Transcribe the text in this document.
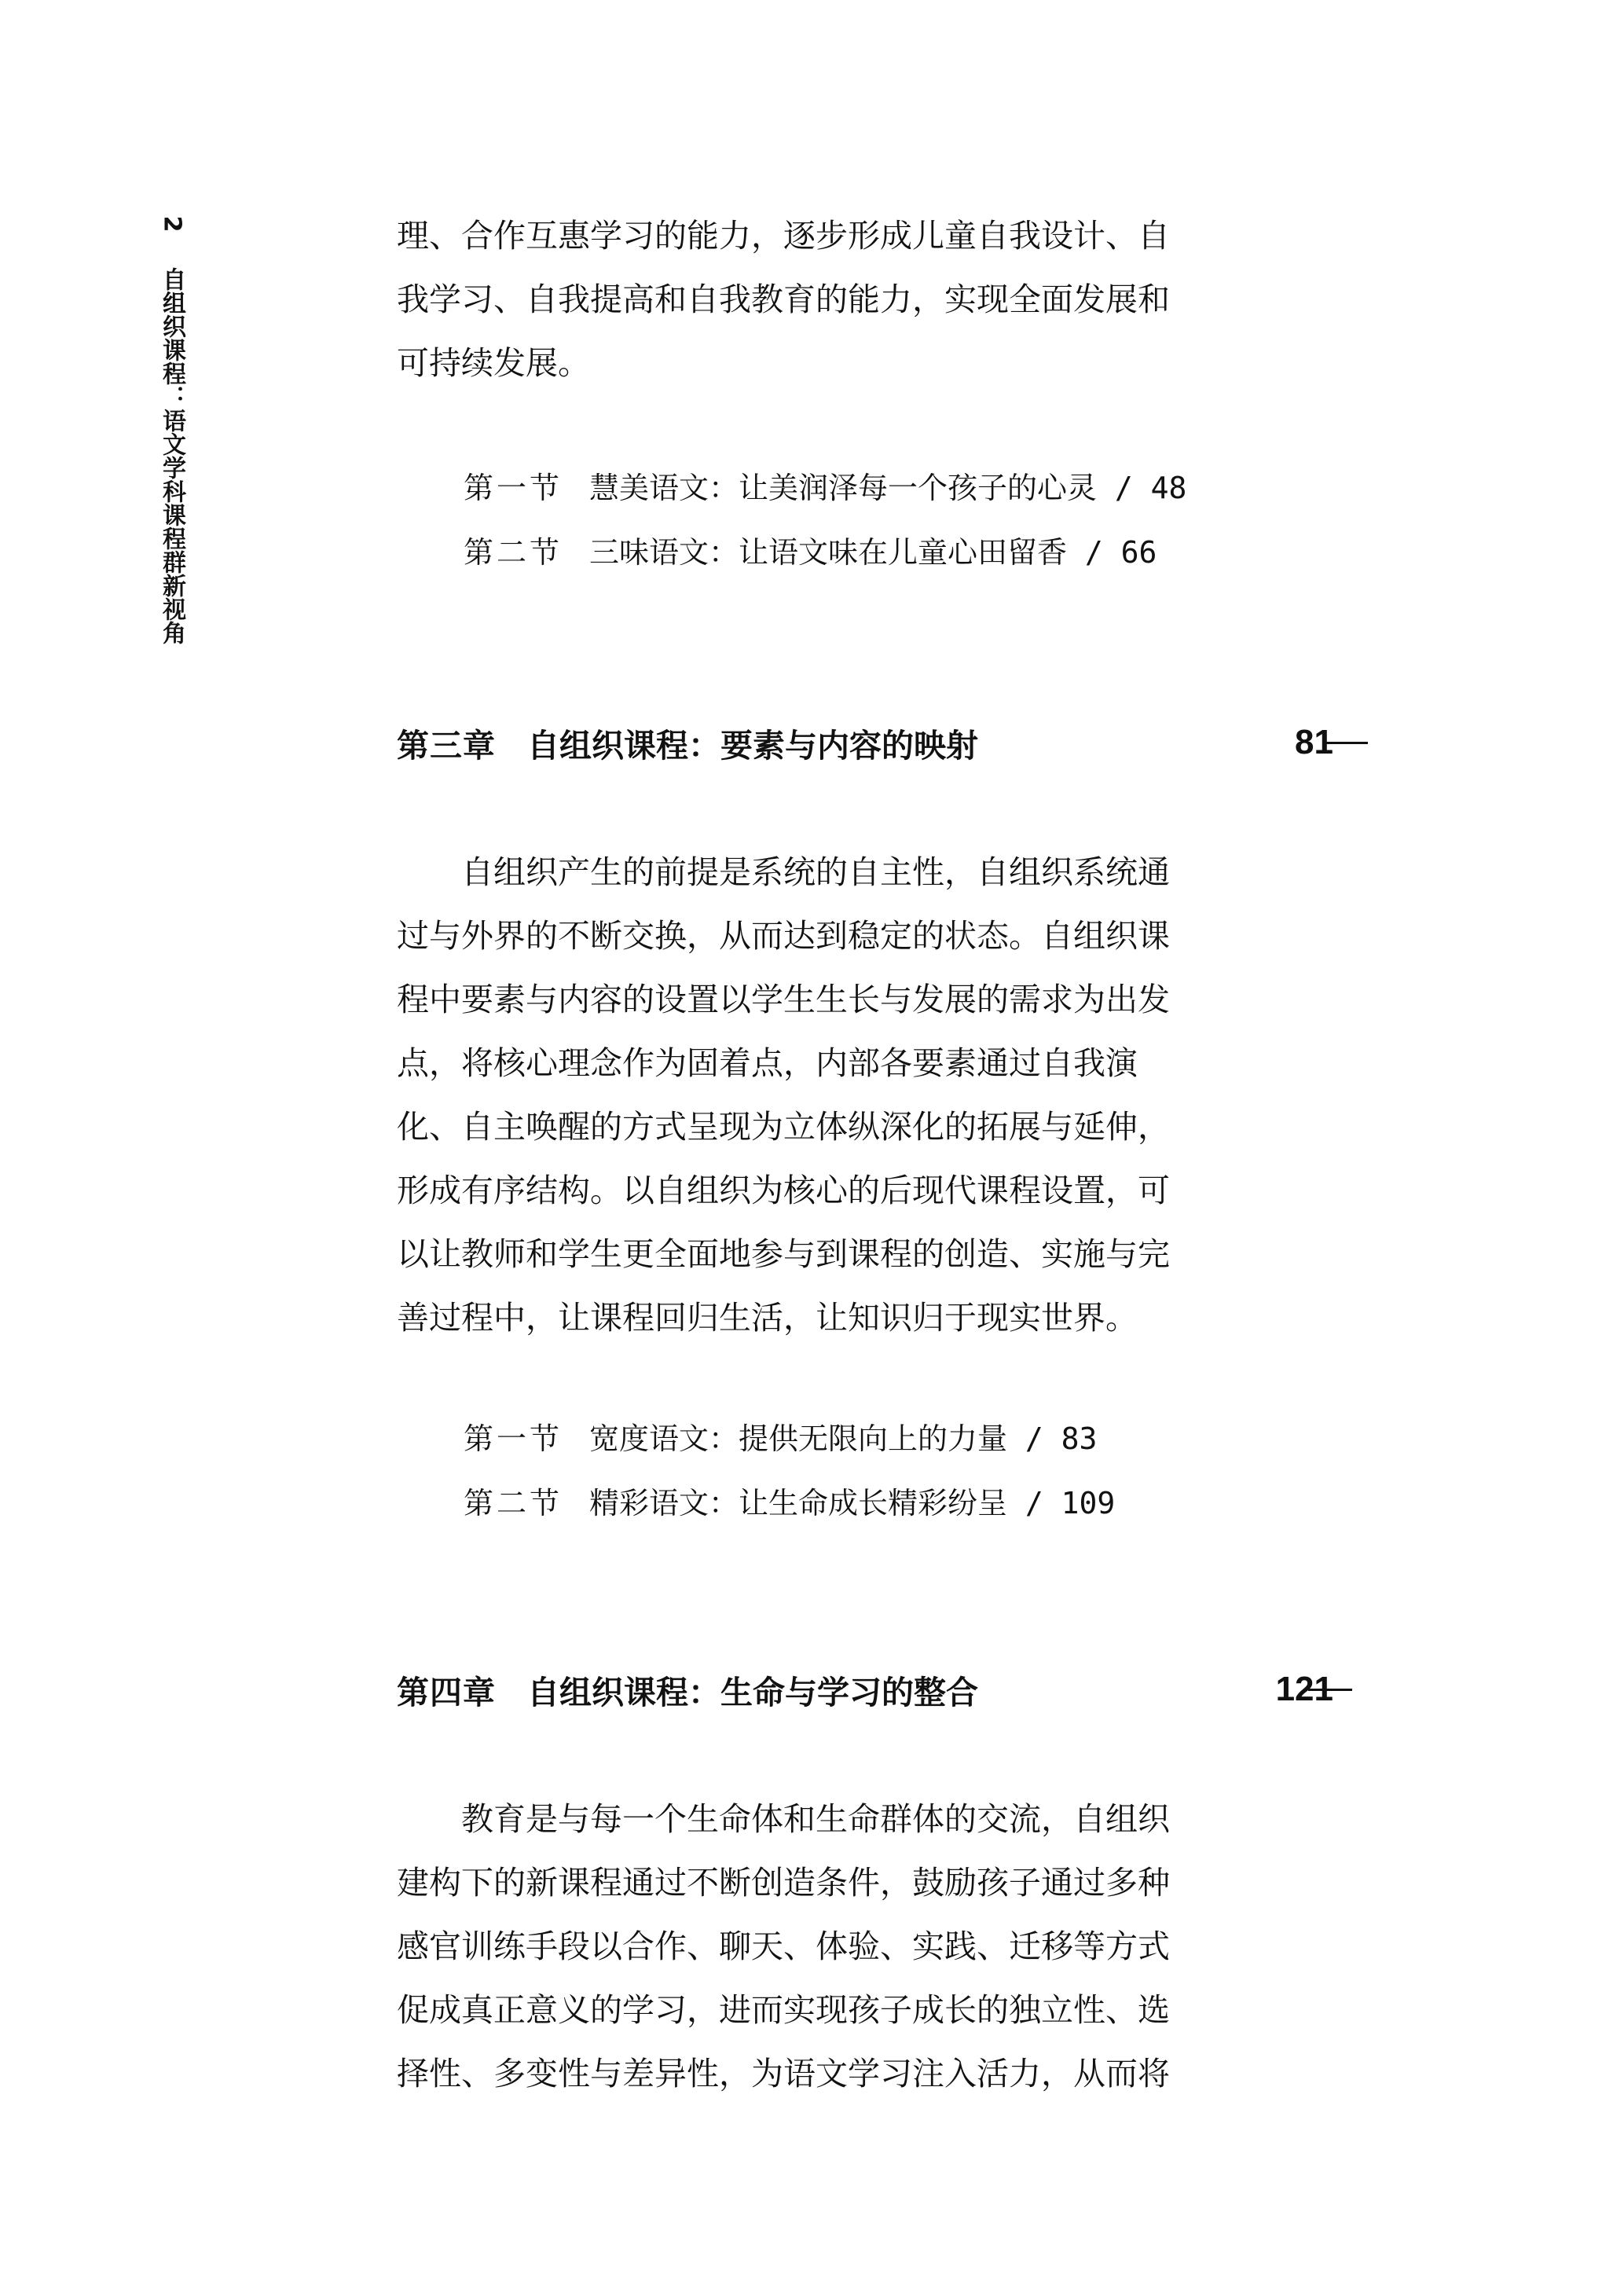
2
自组织课程：语文学科课程群新视角
理、合作互惠学习的能力，逐步形成儿童自我设计、自
我学习、自我提高和自我教育的能力，实现全面发展和
可持续发展。
第一节 慧美语文：让美润泽每一个孩子的心灵 / 48
第二节 三味语文：让语文味在儿童心田留香 / 66
第三章 自组织课程：要素与内容的映射	81
自组织产生的前提是系统的自主性，自组织系统通
过与外界的不断交换，从而达到稳定的状态。自组织课
程中要素与内容的设置以学生生长与发展的需求为出发
点，将核心理念作为固着点，内部各要素通过自我演
化、自主唤醒的方式呈现为立体纵深化的拓展与延伸，
形成有序结构。以自组织为核心的后现代课程设置，可
以让教师和学生更全面地参与到课程的创造、实施与完
善过程中，让课程回归生活，让知识归于现实世界。
第一节 宽度语文：提供无限向上的力量 / 83
第二节 精彩语文：让生命成长精彩纷呈 / 109
第四章 自组织课程：生命与学习的整合	121
教育是与每一个生命体和生命群体的交流，自组织
建构下的新课程通过不断创造条件，鼓励孩子通过多种
感官训练手段以合作、聊天、体验、实践、迁移等方式
促成真正意义的学习，进而实现孩子成长的独立性、选
择性、多变性与差异性，为语文学习注入活力，从而将
